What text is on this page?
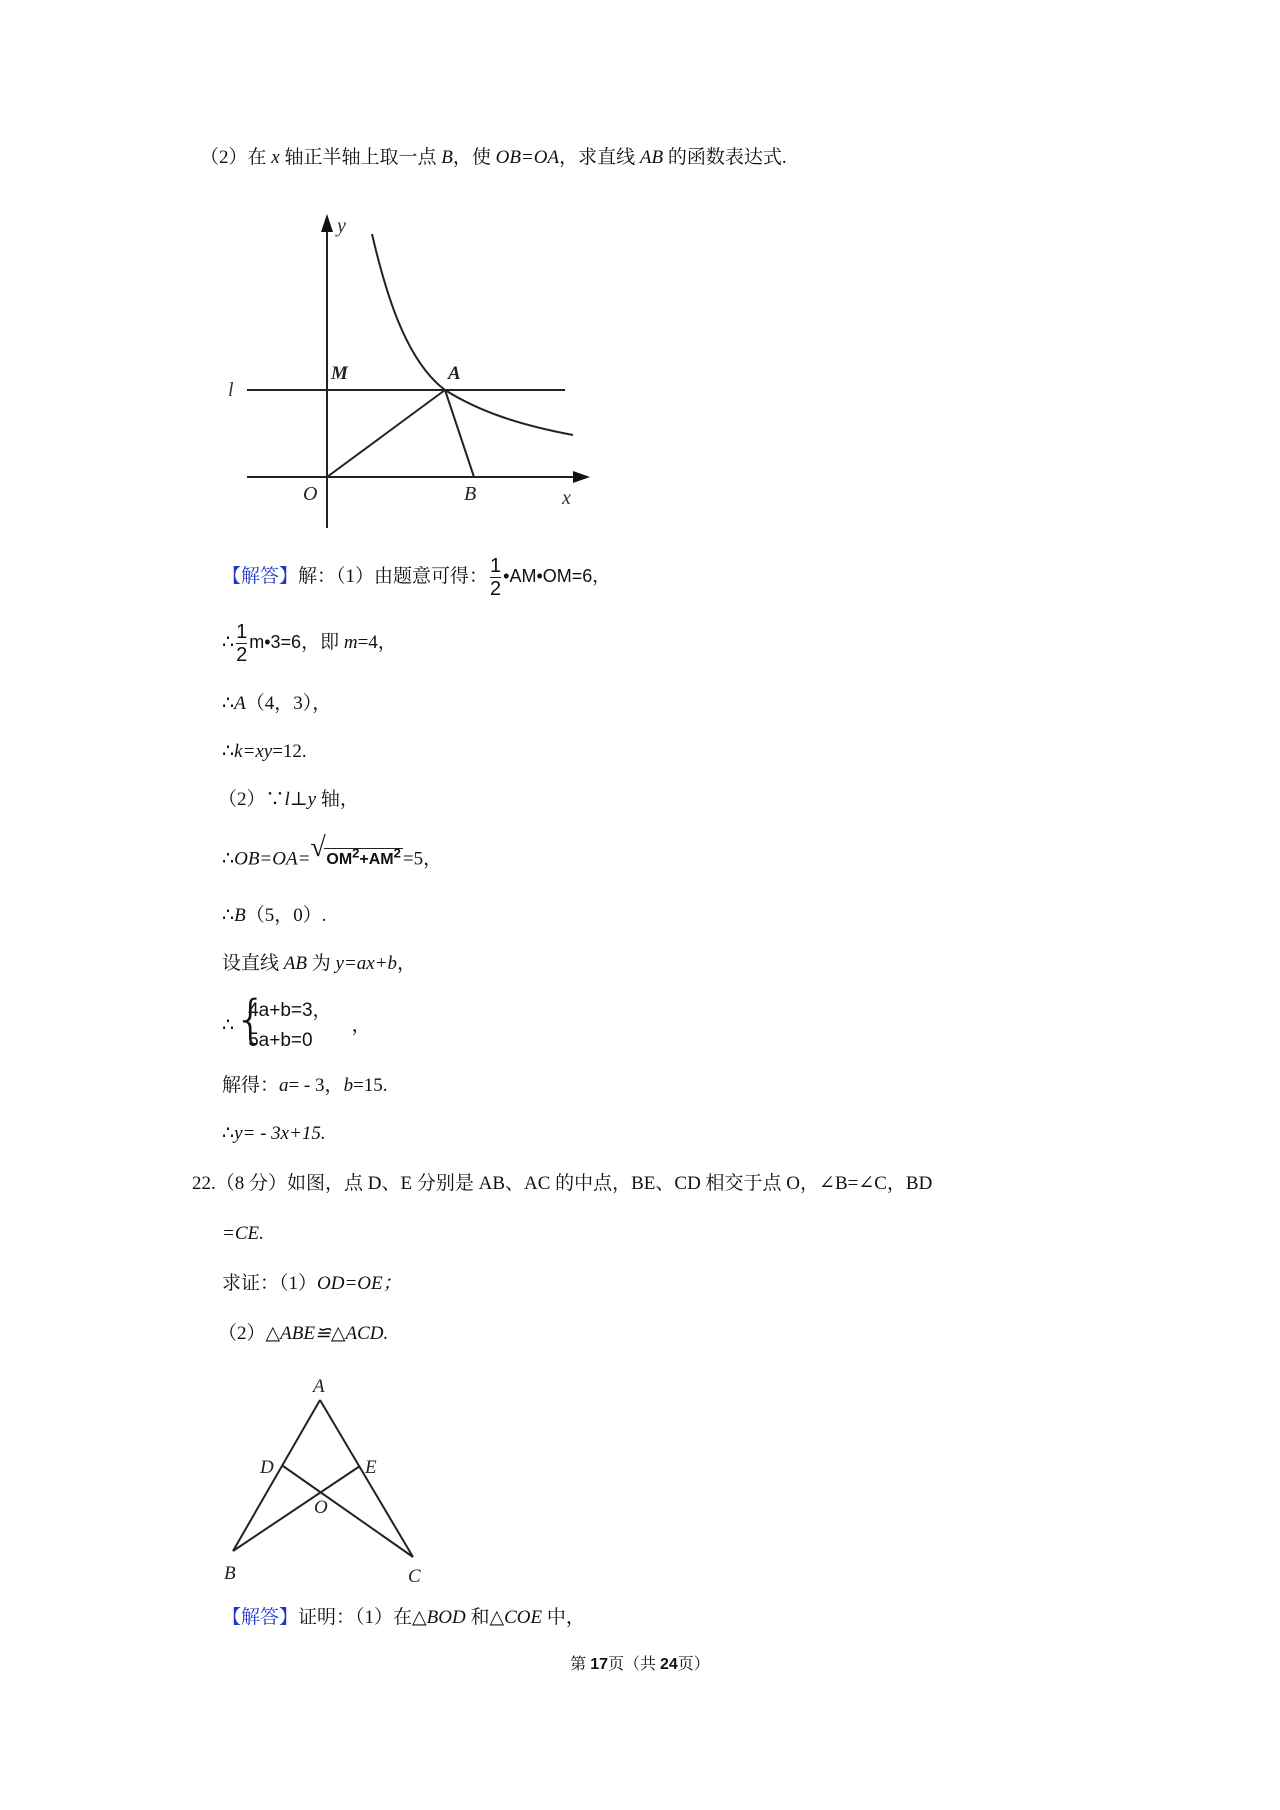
（2）在 x 轴正半轴上取一点 B，使 OB=OA，求直线 AB 的函数表达式.
y
x
l
M	A
O	B
【解答】解：（1）由题意可得： $\frac{1}{2}$ •AM•OM=6，
∴ $\frac{1}{2}$ m•3=6，即 m=4，
∴A（4，3），
∴k=xy=12.
（2）∵l⊥y 轴，
∴OB=OA= √ $OM^2+AM^2 =5$，
∴B（5，0）.
设直线 AB 为 y=ax+b，
∴ {
4a+b=3，
5a+b=0
，
解得：a= - 3，b=15.
∴y= - 3x+15.
22.（8 分）如图，点 D、E 分别是 AB、AC 的中点，BE、CD 相交于点 O，∠B=∠C，BD
=CE.
求证：（1）OD=OE；
（2）△ABE≌△ACD.
A
D	E
O
B	C
【解答】证明：（1）在△BOD 和△COE 中，
第 17页（共 24页）
